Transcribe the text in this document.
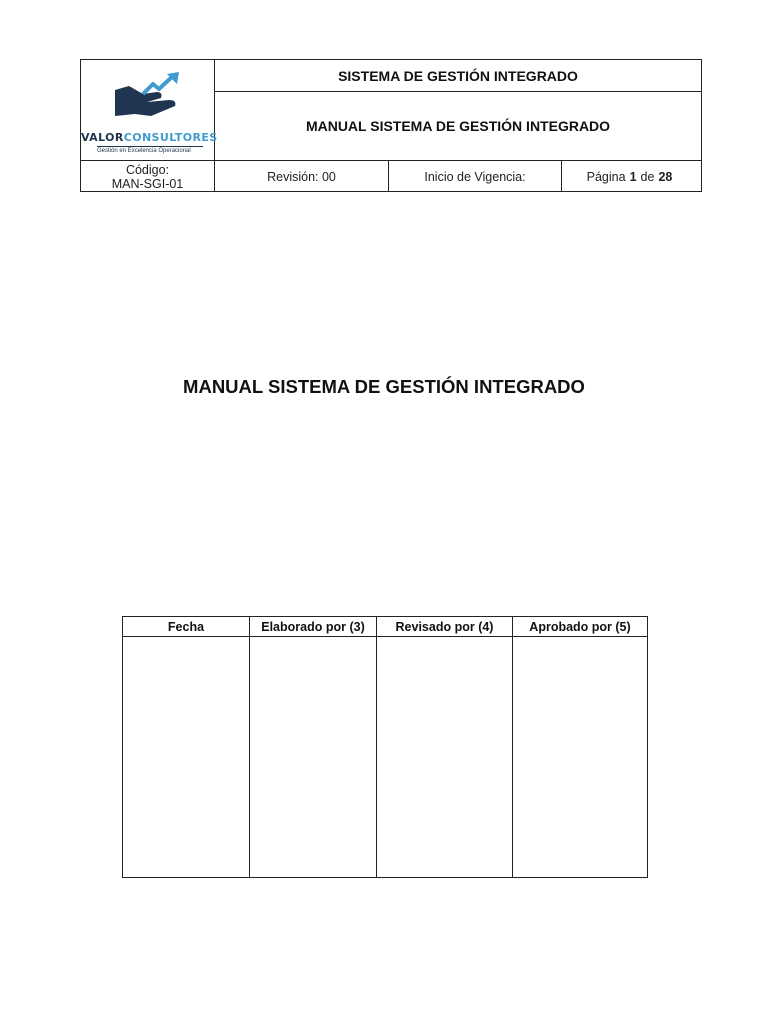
VALORCONSULTORES
Gestión en Excelencia Operacional
SISTEMA DE GESTIÓN INTEGRADO
MANUAL SISTEMA DE GESTIÓN INTEGRADO
Código:
MAN-SGI-01	Revisión: 00	Inicio de Vigencia:	Página 1 de 28
MANUAL SISTEMA DE GESTIÓN INTEGRADO
Fecha	Elaborado por (3)	Revisado por (4)	Aprobado por (5)
